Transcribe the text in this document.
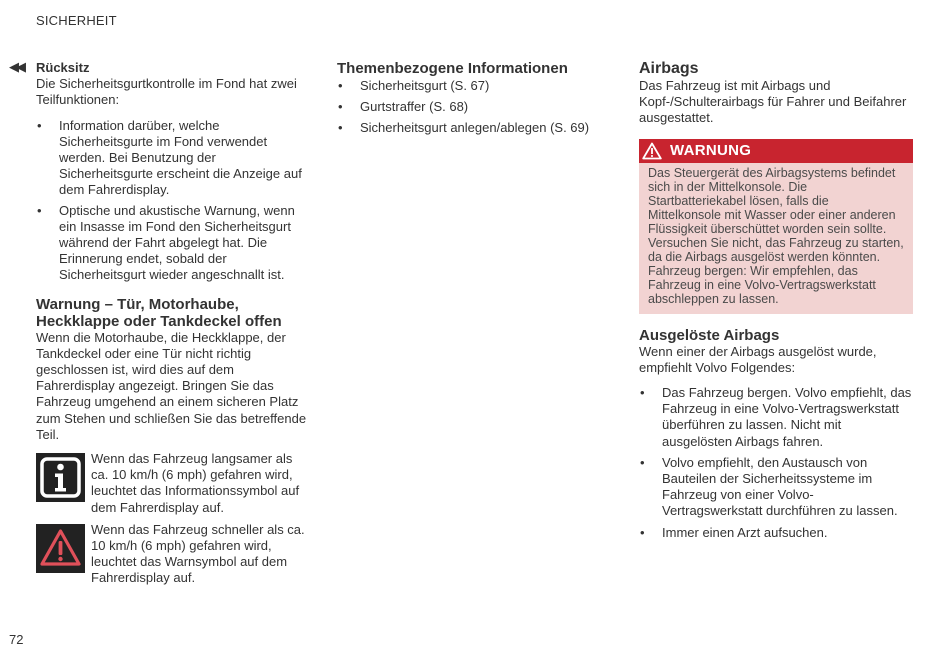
SICHERHEIT
◀◀ Rücksitz

Die Sicherheitsgurtkontrolle im Fond hat zwei Teilfunktionen:

• Information darüber, welche Sicherheitsgurte im Fond verwendet werden. Bei Benutzung der Sicherheitsgurte erscheint die Anzeige auf dem Fahrerdisplay.
• Optische und akustische Warnung, wenn ein Insasse im Fond den Sicherheitsgurt während der Fahrt abgelegt hat. Die Erinnerung endet, sobald der Sicherheitsgurt wieder angeschnallt ist.

Warnung – Tür, Motorhaube,

Heckklappe oder Tankdeckel offen

Wenn die Motorhaube, die Heckklappe, der Tankdeckel oder eine Tür nicht richtig geschlossen ist, wird dies auf dem Fahrerdisplay angezeigt. Bringen Sie das Fahrzeug umgehend an einem sicheren Platz zum Stehen und schließen Sie das betreffende Teil.

Wenn das Fahrzeug langsamer als ca. 10 km/h (6 mph) gefahren wird, leuchtet das Informationssymbol auf dem Fahrerdisplay auf.

Wenn das Fahrzeug schneller als ca. 10 km/h (6 mph) gefahren wird, leuchtet das Warnsymbol auf dem Fahrerdisplay auf.

Themenbezogene Informationen

• Sicherheitsgurt (S. 67)
• Gurtstraffer (S. 68)
• Sicherheitsgurt anlegen/ablegen (S. 69)

Airbags

Das Fahrzeug ist mit Airbags und Kopf-/Schulterairbags für Fahrer und Beifahrer ausgestattet.

WARNUNG
Das Steuergerät des Airbagsystems befindet sich in der Mittelkonsole. Die Startbatteriekabel lösen, falls die Mittelkonsole mit Wasser oder einer anderen Flüssigkeit überschüttet worden sein sollte. Versuchen Sie nicht, das Fahrzeug zu starten, da die Airbags ausgelöst werden könnten. Fahrzeug bergen: Wir empfehlen, das Fahrzeug in eine Volvo-Vertragswerkstatt abschleppen zu lassen.

Ausgelöste Airbags

Wenn einer der Airbags ausgelöst wurde, empfiehlt Volvo Folgendes:

• Das Fahrzeug bergen. Volvo empfiehlt, das Fahrzeug in eine Volvo-Vertragswerkstatt überführen zu lassen. Nicht mit ausgelösten Airbags fahren.
• Volvo empfiehlt, den Austausch von Bauteilen der Sicherheitssysteme im Fahrzeug von einer Volvo-Vertragswerkstatt durchführen zu lassen.
• Immer einen Arzt aufsuchen.
72
